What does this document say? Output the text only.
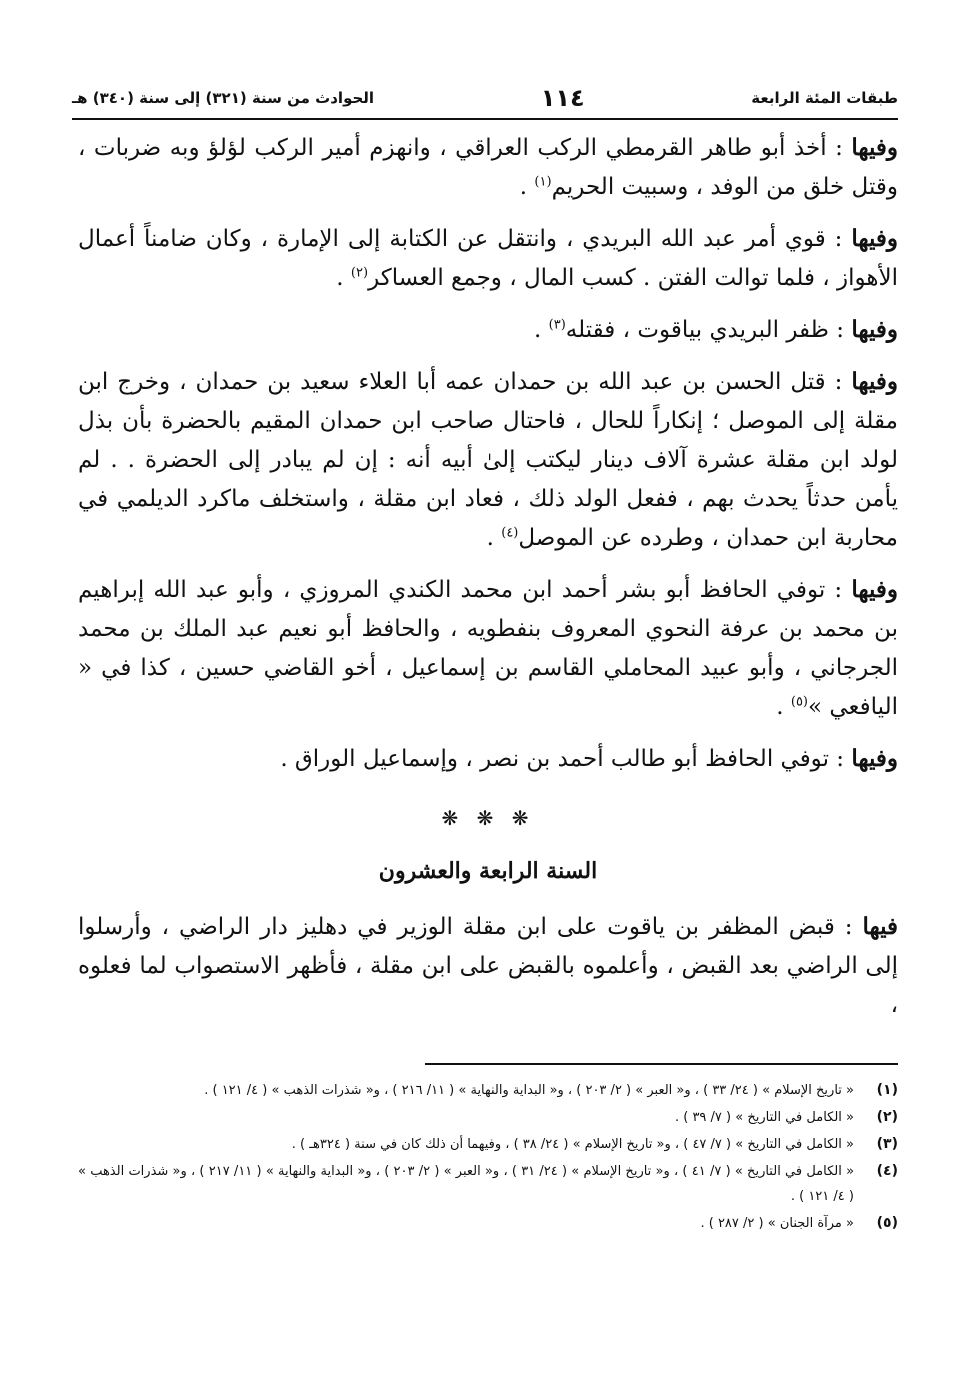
طبقات المئة الرابعة
١١٤
الحوادث من سنة (٣٢١) إلى سنة (٣٤٠) هـ

وفيها : أخذ أبو طاهر القرمطي الركب العراقي ، وانهزم أمير الركب لؤلؤ وبه ضربات ، وقتل خلق من الوفد ، وسبيت الحريم$^{(١)}$ .

وفيها : قوي أمر عبد الله البريدي ، وانتقل عن الكتابة إلى الإمارة ، وكان ضامناً أعمال الأهواز ، فلما توالت الفتن . كسب المال ، وجمع العساكر$^{(٢)}$ .

وفيها : ظفر البريدي بياقوت ، فقتله$^{(٣)}$ .

وفيها : قتل الحسن بن عبد الله بن حمدان عمه أبا العلاء سعيد بن حمدان ، وخرج ابن مقلة إلى الموصل ؛ إنكاراً للحال ، فاحتال صاحب ابن حمدان المقيم بالحضرة بأن بذل لولد ابن مقلة عشرة آلاف دينار ليكتب إلىٰ أبيه أنه : إن لم يبادر إلى الحضرة . . لم يأمن حدثاً يحدث بهم ، ففعل الولد ذلك ، فعاد ابن مقلة ، واستخلف ماكرد الديلمي في محاربة ابن حمدان ، وطرده عن الموصل$^{(٤)}$ .

وفيها : توفي الحافظ أبو بشر أحمد ابن محمد الكندي المروزي ، وأبو عبد الله إبراهيم بن محمد بن عرفة النحوي المعروف بنفطويه ، والحافظ أبو نعيم عبد الملك بن محمد الجرجاني ، وأبو عبيد المحاملي القاسم بن إسماعيل ، أخو القاضي حسين ، كذا في « اليافعي »$^{(٥)}$ .

وفيها : توفي الحافظ أبو طالب أحمد بن نصر ، وإسماعيل الوراق .

❋ ❋ ❋
السنة الرابعة والعشرون

فيها : قبض المظفر بن ياقوت على ابن مقلة الوزير في دهليز دار الراضي ، وأرسلوا إلى الراضي بعد القبض ، وأعلموه بالقبض على ابن مقلة ، فأظهر الاستصواب لما فعلوه ،

(١)
« تاريخ الإسلام » ( ٢٤/ ٣٣ ) ، و« العبر » ( ٢/ ٢٠٣ ) ، و« البداية والنهاية » ( ١١/ ٢١٦ ) ، و« شذرات الذهب » ( ٤/ ١٢١ ) .
(٢)
« الكامل في التاريخ » ( ٧/ ٣٩ ) .
(٣)
« الكامل في التاريخ » ( ٧/ ٤٧ ) ، و« تاريخ الإسلام » ( ٢٤/ ٣٨ ) ، وفيهما أن ذلك كان في سنة ( ٣٢٤هـ ) .
(٤)
« الكامل في التاريخ » ( ٧/ ٤١ ) ، و« تاريخ الإسلام » ( ٢٤/ ٣١ ) ، و« العبر » ( ٢/ ٢٠٣ ) ، و« البداية والنهاية » ( ١١/ ٢١٧ ) ، و« شذرات الذهب » ( ٤/ ١٢١ ) .
(٥)
« مرآة الجنان » ( ٢/ ٢٨٧ ) .
